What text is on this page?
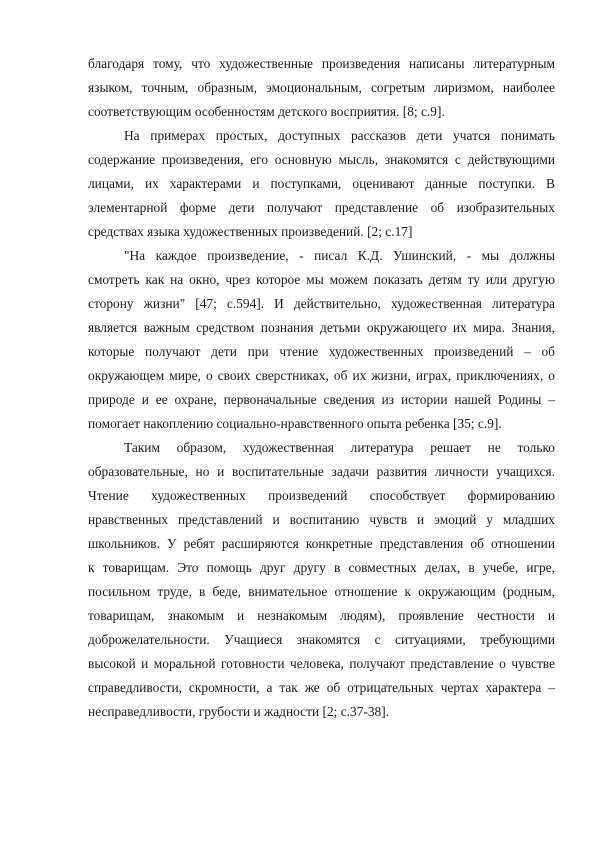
благодаря тому, что художественные произведения написаны литературным
языком, точным, образным, эмоциональным, согретым лиризмом, наиболее
соответствующим особенностям детского восприятия. [8; с.9].
На примерах простых, доступных рассказов дети учатся понимать
содержание произведения, его основную мысль, знакомятся с действующими
лицами, их характерами и поступками, оценивают данные поступки. В
элементарной форме дети получают представление об изобразительных
средствах языка художественных произведений. [2; с.17]
"На каждое произведение, - писал К.Д. Ушинский, - мы должны
смотреть как на окно, чрез которое мы можем показать детям ту или другую
сторону жизни" [47; с.594]. И действительно, художественная литература
является важным средством познания детьми окружающего их мира. Знания,
которые получают дети при чтение художественных произведений – об
окружающем мире, о своих сверстниках, об их жизни, играх, приключениях, о
природе и ее охране, первоначальные сведения из истории нашей Родины –
помогает накоплению социально-нравственного опыта ребенка [35; с.9].
Таким образом, художественная литература решает не только
образовательные, но и воспитательные задачи развития личности учащихся.
Чтение художественных произведений способствует формированию
нравственных представлений и воспитанию чувств и эмоций у младших
школьников. У ребят расширяются конкретные представления об отношении
к товарищам. Это помощь друг другу в совместных делах, в учебе, игре,
посильном труде, в беде, внимательное отношение к окружающим (родным,
товарищам, знакомым и незнакомым людям), проявление честности и
доброжелательности. Учащиеся знакомятся с ситуациями, требующими
высокой и моральной готовности человека, получают представление о чувстве
справедливости, скромности, а так же об отрицательных чертах характера –
несправедливости, грубости и жадности [2; с.37-38].
